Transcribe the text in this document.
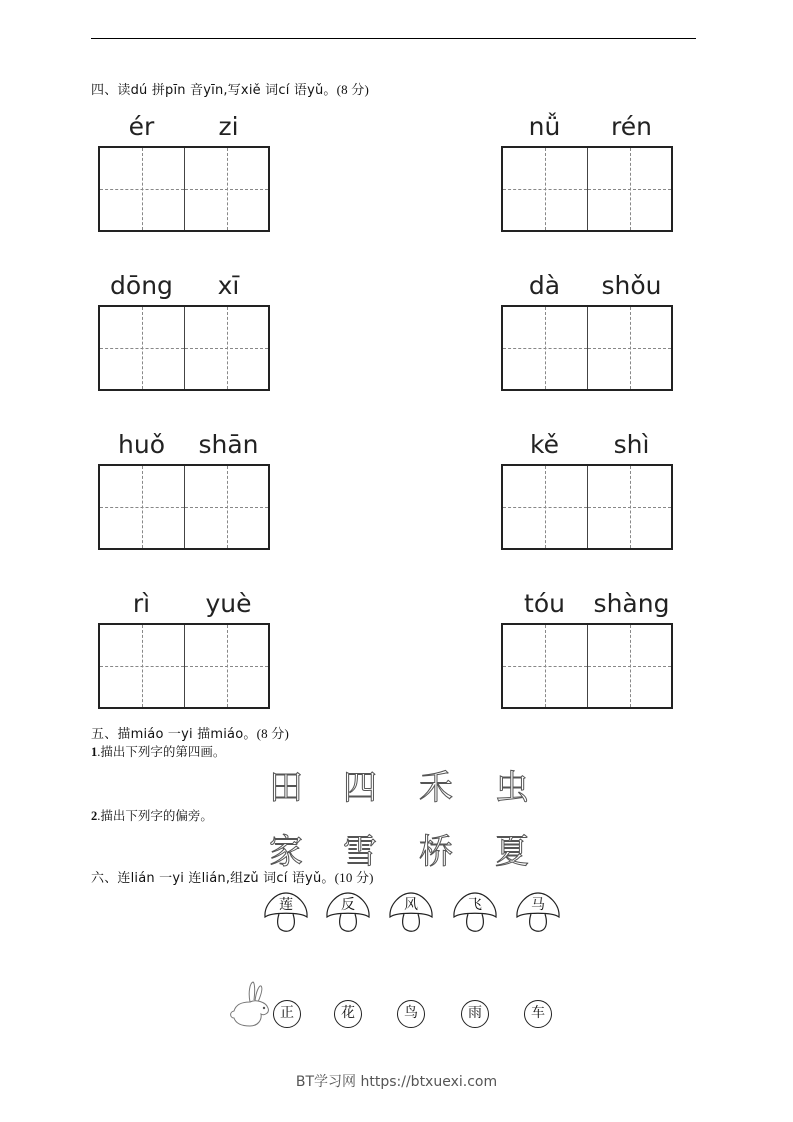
四、读dú 拼pīn 音yīn,写xiě 词cí 语yǔ。(8 分)
ér	zi	nǚ	rén
dōng	xī	dà	shǒu
huǒ	shān	kě	shì
rì	yuè	tóu	shàng
五、描miáo 一yi 描miáo。(8 分)
1.描出下列字的第四画。
田 四 禾 虫
2.描出下列字的偏旁。
家 雪 桥 夏
六、连lián 一yi 连lián,组zǔ 词cí 语yǔ。(10 分)
莲	反	风	飞	马
正	花	鸟	雨	车
BT学习网 https://btxuexi.com
